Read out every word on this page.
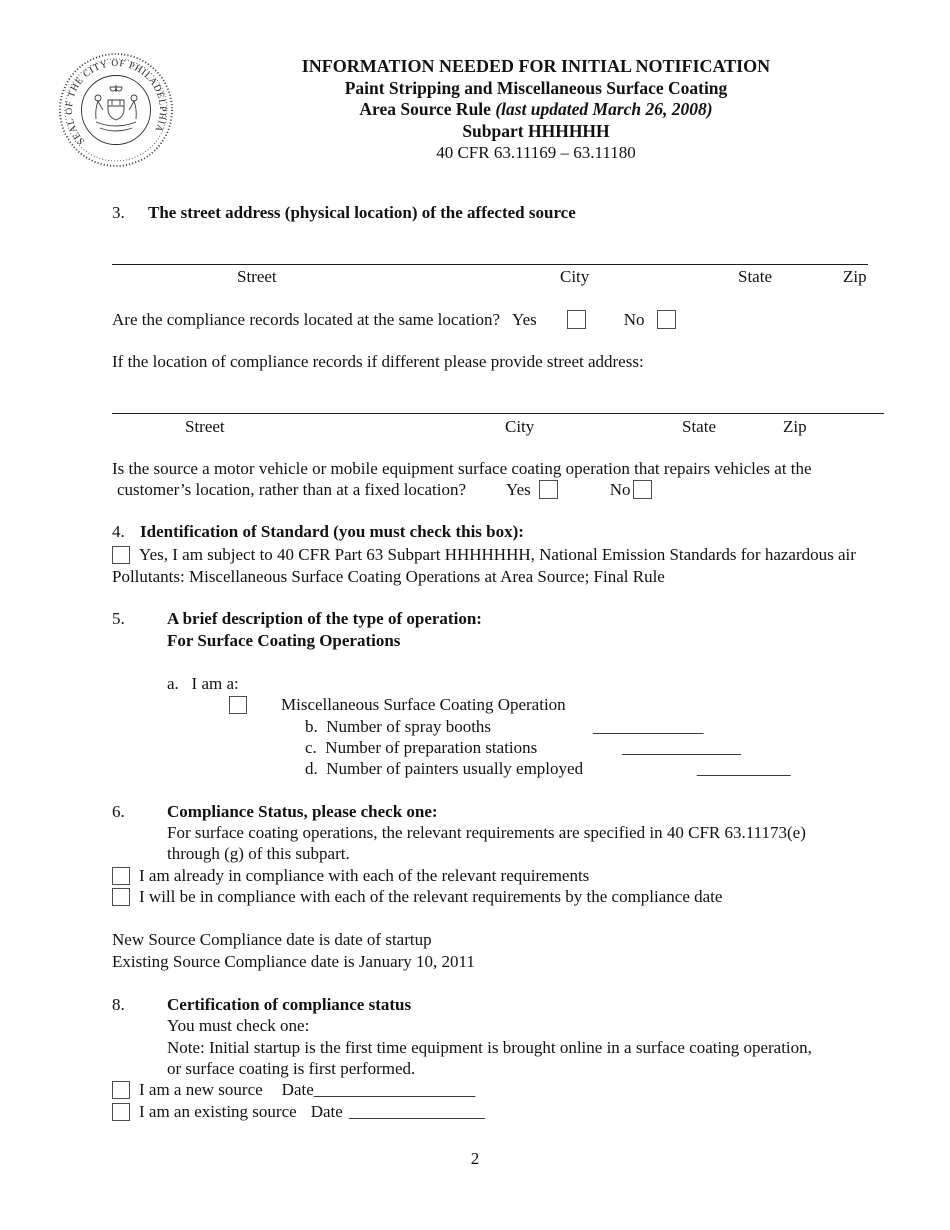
SEAL OF THE CITY OF PHILADELPHIA
INFORMATION NEEDED FOR INITIAL NOTIFICATION
Paint Stripping and Miscellaneous Surface Coating
Area Source Rule (last updated March 26, 2008)
Subpart HHHHHH
40 CFR 63.11169 – 63.11180
3. The street address (physical location) of the affected source
Street	City	State	Zip
Are the compliance records located at the same location? Yes	No
If the location of compliance records if different please provide street address:
Street	City	State	Zip
Is the source a motor vehicle or mobile equipment surface coating operation that repairs vehicles at the
customer’s location, rather than at a fixed location? Yes	No
4. Identification of Standard (you must check this box):
Yes, I am subject to 40 CFR Part 63 Subpart HHHHHHH, National Emission Standards for hazardous air Pollutants: Miscellaneous Surface Coating Operations at Area Source; Final Rule
5. A brief description of the type of operation:
For Surface Coating Operations
a.   I am a:
Miscellaneous Surface Coating Operation
b.  Number of spray booths	_____________
c.  Number of preparation stations	______________
d.  Number of painters usually employed	___________
6. Compliance Status, please check one:
For surface coating operations, the relevant requirements are specified in 40 CFR 63.11173(e)
through (g) of this subpart.
I am already in compliance with each of the relevant requirements
I will be in compliance with each of the relevant requirements by the compliance date
New Source Compliance date is date of startup
Existing Source Compliance date is January 10, 2011
8. Certification of compliance status
You must check one:
Note: Initial startup is the first time equipment is brought online in a surface coating operation,
or surface coating is first performed.
I am a new source Date___________________
I am an existing source Date ________________
2
